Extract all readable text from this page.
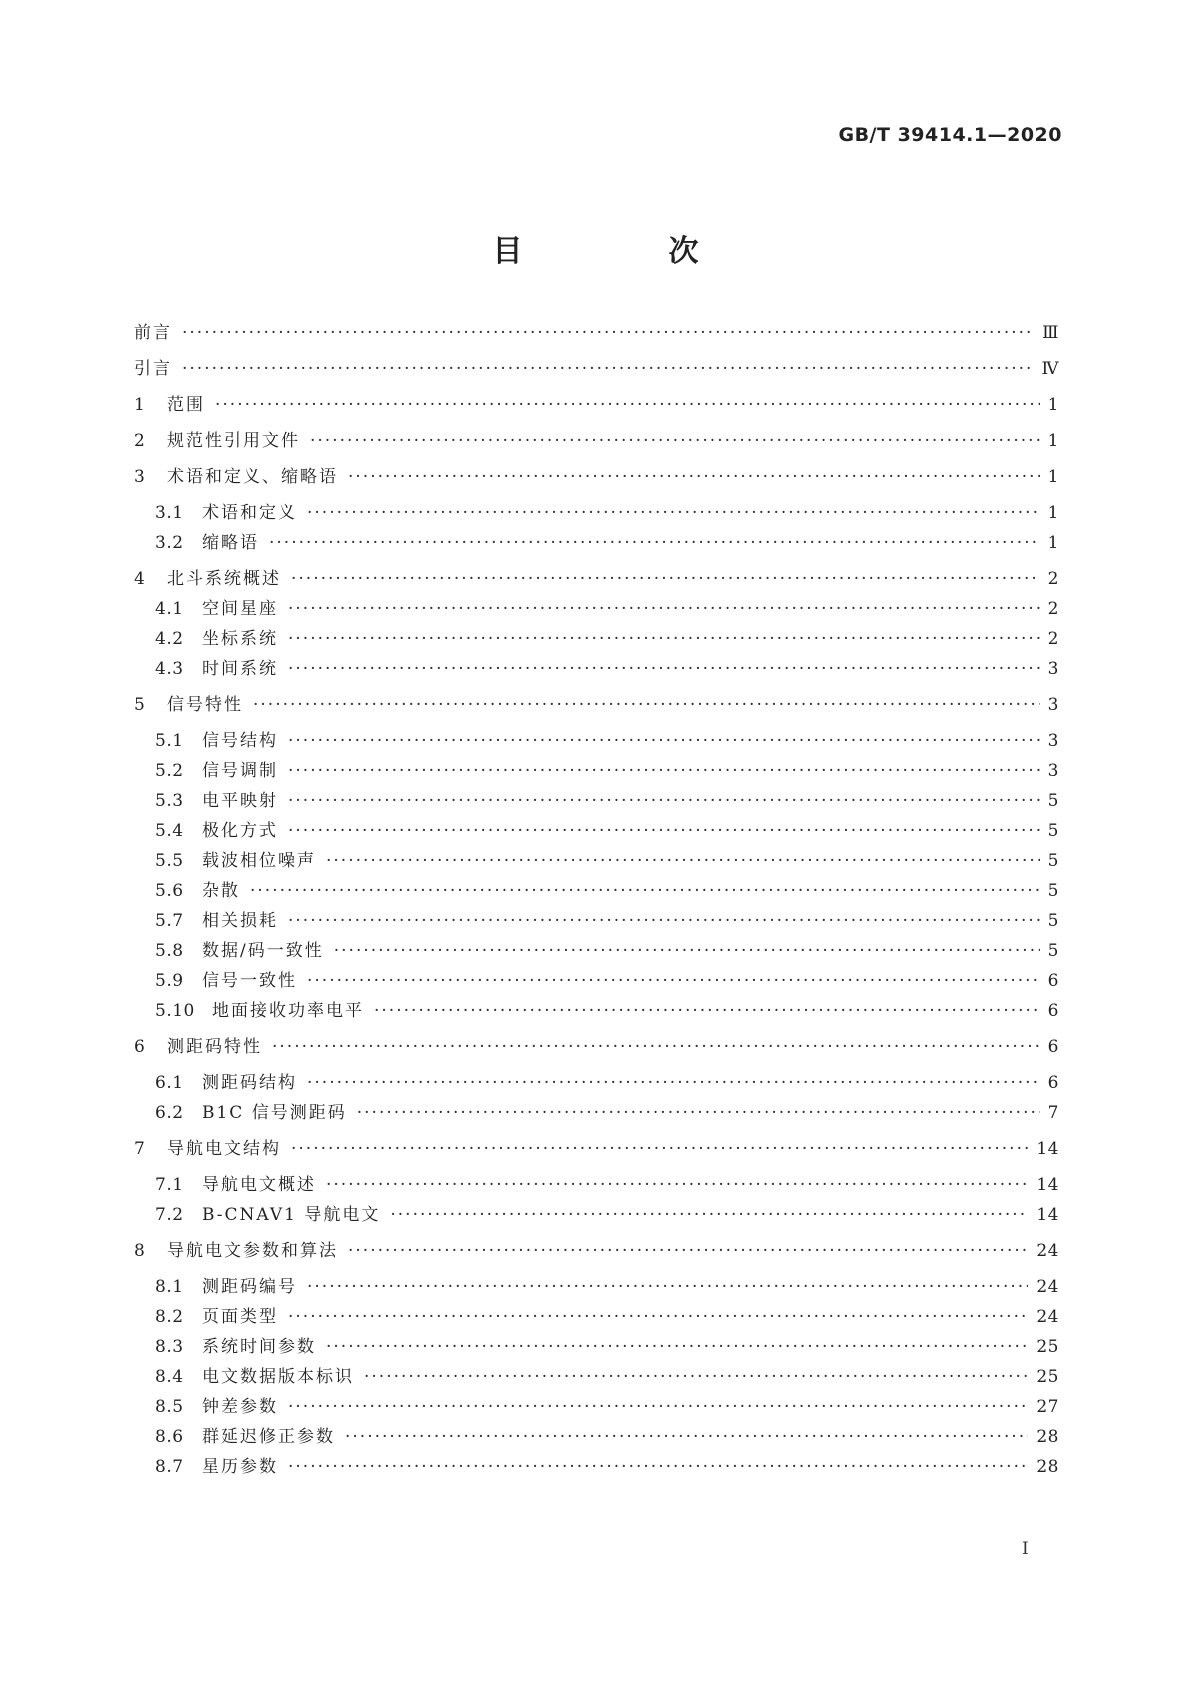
GB/T 39414.1—2020
目　次
前言 ·····	Ⅲ
引言 ·····	Ⅳ
1	范围 ·····	1
2	规范性引用文件 ·····	1
3	术语和定义、缩略语 ·····	1
3.1	术语和定义 ·····	1
3.2	缩略语 ·····	1
4	北斗系统概述 ·····	2
4.1	空间星座 ·····	2
4.2	坐标系统 ·····	2
4.3	时间系统 ·····	3
5	信号特性 ·····	3
5.1	信号结构 ·····	3
5.2	信号调制 ·····	3
5.3	电平映射 ·····	5
5.4	极化方式 ·····	5
5.5	载波相位噪声 ·····	5
5.6	杂散 ·····	5
5.7	相关损耗 ·····	5
5.8	数据/码一致性 ·····	5
5.9	信号一致性 ·····	6
5.10	地面接收功率电平 ·····	6
6	测距码特性 ·····	6
6.1	测距码结构 ·····	6
6.2	B1C 信号测距码 ·····	7
7	导航电文结构 ·····	14
7.1	导航电文概述 ·····	14
7.2	B-CNAV1 导航电文 ·····	14
8	导航电文参数和算法 ·····	24
8.1	测距码编号 ·····	24
8.2	页面类型 ·····	24
8.3	系统时间参数 ·····	25
8.4	电文数据版本标识 ·····	25
8.5	钟差参数 ·····	27
8.6	群延迟修正参数 ·····	28
8.7	星历参数 ·····	28
I
